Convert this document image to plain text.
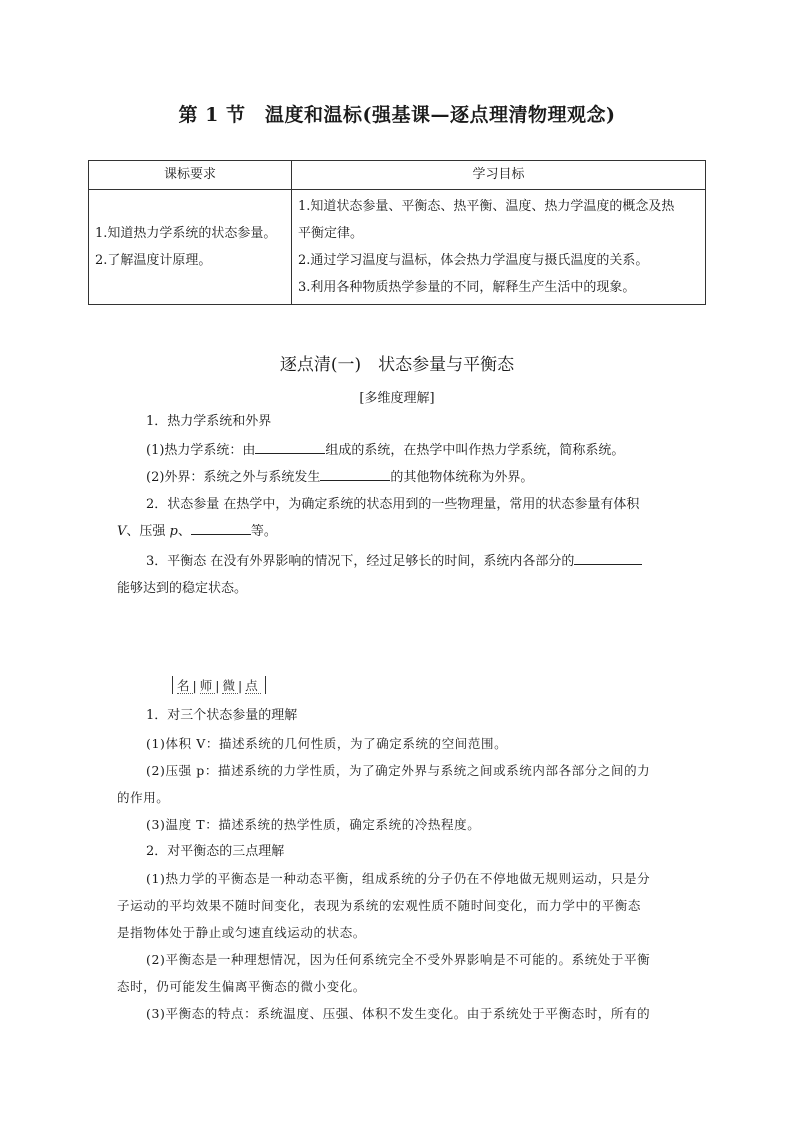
第 1 节　温度和温标(强基课—逐点理清物理观念)
课标要求	学习目标

1.知道热力学系统的状态参量。
2.了解温度计原理。	1.知道状态参量、平衡态、热平衡、温度、热力学温度的概念及热
平衡定律。
2.通过学习温度与温标，体会热力学温度与摄氏温度的关系。
3.利用各种物质热学参量的不同，解释生产生活中的现象。
逐点清(一)　状态参量与平衡态
[多维度理解]
1．热力学系统和外界
(1)热力学系统：由	组成的系统，在热学中叫作热力学系统，简称系统。
(2)外界：系统之外与系统发生	的其他物体统称为外界。
2．状态参量 在热学中，为确定系统的状态用到的一些物理量，常用的状态参量有体积
V、压强 p、	等。
3．平衡态 在没有外界影响的情况下，经过足够长的时间，系统内各部分的
能够达到的稳定状态。
名|师|微|点
1．对三个状态参量的理解
(1)体积 V：描述系统的几何性质，为了确定系统的空间范围。
(2)压强 p：描述系统的力学性质，为了确定外界与系统之间或系统内部各部分之间的力
的作用。
(3)温度 T：描述系统的热学性质，确定系统的冷热程度。
2．对平衡态的三点理解
(1)热力学的平衡态是一种动态平衡，组成系统的分子仍在不停地做无规则运动，只是分
子运动的平均效果不随时间变化，表现为系统的宏观性质不随时间变化，而力学中的平衡态
是指物体处于静止或匀速直线运动的状态。
(2)平衡态是一种理想情况，因为任何系统完全不受外界影响是不可能的。系统处于平衡
态时，仍可能发生偏离平衡态的微小变化。
(3)平衡态的特点：系统温度、压强、体积不发生变化。由于系统处于平衡态时，所有的
